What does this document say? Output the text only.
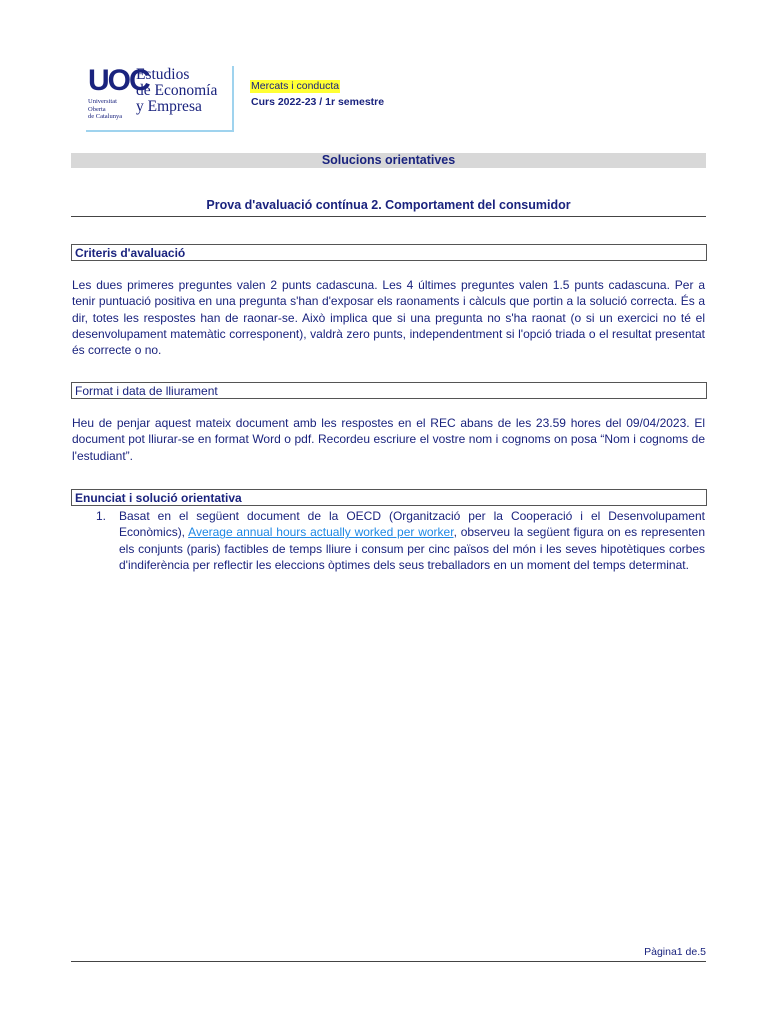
UOC
Universitat
Oberta
de Catalunya
Estudios
de Economía
y Empresa
Mercats i conducta
Curs 2022-23 / 1r semestre
Solucions orientatives
Prova d'avaluació contínua 2. Comportament del consumidor
Criteris d'avaluació
Les dues primeres preguntes valen 2 punts cadascuna. Les 4 últimes preguntes valen 1.5 punts cadascuna. Per a tenir puntuació positiva en una pregunta s'han d'exposar els raonaments i càlculs que portin a la solució correcta. És a dir, totes les respostes han de raonar-se. Això implica que si una pregunta no s'ha raonat (o si un exercici no té el desenvolupament matemàtic corresponent), valdrà zero punts, independentment si l'opció triada o el resultat presentat és correcte o no.
Format i data de lliurament
Heu de penjar aquest mateix document amb les respostes en el REC abans de les 23.59 hores del 09/04/2023. El document pot lliurar-se en format Word o pdf. Recordeu escriure el vostre nom i cognoms on posa “Nom i cognoms de l'estudiant”.
Enunciat i solució orientativa
1. Basat en el següent document de la OECD (Organització per la Cooperació i el Desenvolupament Econòmics), Average annual hours actually worked per worker, observeu la següent figura on es representen els conjunts (paris) factibles de temps lliure i consum per cinc països del món i les seves hipotètiques corbes d'indiferència per reflectir les eleccions òptimes dels seus treballadors en un moment del temps determinat.
Pàgina1 de.5
